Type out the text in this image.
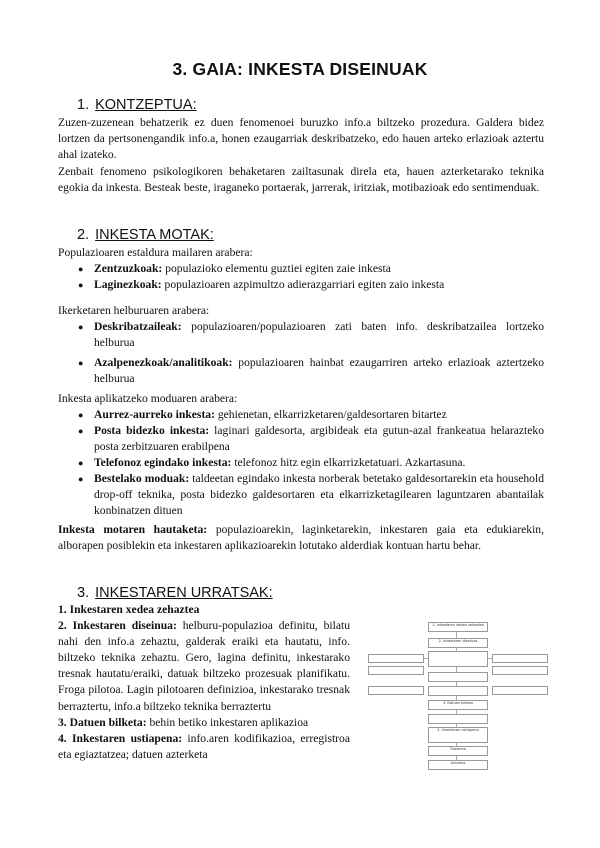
3. GAIA: INKESTA DISEINUAK
1. KONTZEPTUA:
Zuzen-zuzenean behatzerik ez duen fenomenoei buruzko info.a biltzeko prozedura. Galdera bidez lortzen da pertsonengandik info.a, honen ezaugarriak deskribatzeko, edo hauen arteko erlazioak aztertu ahal izateko.
Zenbait fenomeno psikologikoren behaketaren zailtasunak direla eta, hauen azterketarako teknika egokia da inkesta. Besteak beste, iraganeko portaerak, jarrerak, iritziak, motibazioak edo sentimenduak.
2. INKESTA MOTAK:
Populazioaren estaldura mailaren arabera:
● Zentzuzkoak: populazioko elementu guztiei egiten zaie inkesta
● Laginezkoak: populazioaren azpimultzo adierazgarriari egiten zaio inkesta
Ikerketaren helburuaren arabera:
● Deskribatzaileak: populazioaren/populazioaren zati baten info. deskribatzailea lortzeko helburua
● Azalpenezkoak/analitikoak: populazioaren hainbat ezaugarriren arteko erlazioak aztertzeko helburua
Inkesta aplikatzeko moduaren arabera:
● Aurrez-aurreko inkesta: gehienetan, elkarrizketaren/galdesortaren bitartez
● Posta bidezko inkesta: laginari galdesorta, argibideak eta gutun-azal frankeatua helarazteko posta zerbitzuaren erabilpena
● Telefonoz egindako inkesta: telefonoz hitz egin elkarrizketatuari. Azkartasuna.
● Bestelako moduak: taldeetan egindako inkesta norberak betetako galdesortarekin eta household drop-off teknika, posta bidezko galdesortaren eta elkarrizketagilearen laguntzaren abantailak konbinatzen dituen
Inkesta motaren hautaketa: populazioarekin, laginketarekin, inkestaren gaia eta edukiarekin, alborapen posiblekin eta inkestaren aplikazioarekin lotutako alderdiak kontuan hartu behar.
3. INKESTAREN URRATSAK:
1. Inkestaren xedea zehaztea
2. Inkestaren diseinua: helburu-populazioa definitu, bilatu nahi den info.a zehaztu, galderak eraiki eta hautatu, info. biltzeko teknika zehaztu. Gero, lagina definitu, inkestarako tresnak hautatu/eraiki, datuak biltzeko prozesuak planifikatu. Froga pilotoa. Lagin pilotoaren definizioa, inkestarako tresnak berraztertu, info.a biltzeko teknika berraztertu
3. Datuen bilketa: behin betiko inkestaren aplikazioa
4. Inkestaren ustiapena: info.aren kodifikazioa, erregistroa eta egiaztatzea; datuen azterketa
1. Inkestaren xedea zehaztea
2. Inkestaren diseinua
3. Datuen bilketa
4. Inkestaren ustiapena
Txostena
Amaiera
